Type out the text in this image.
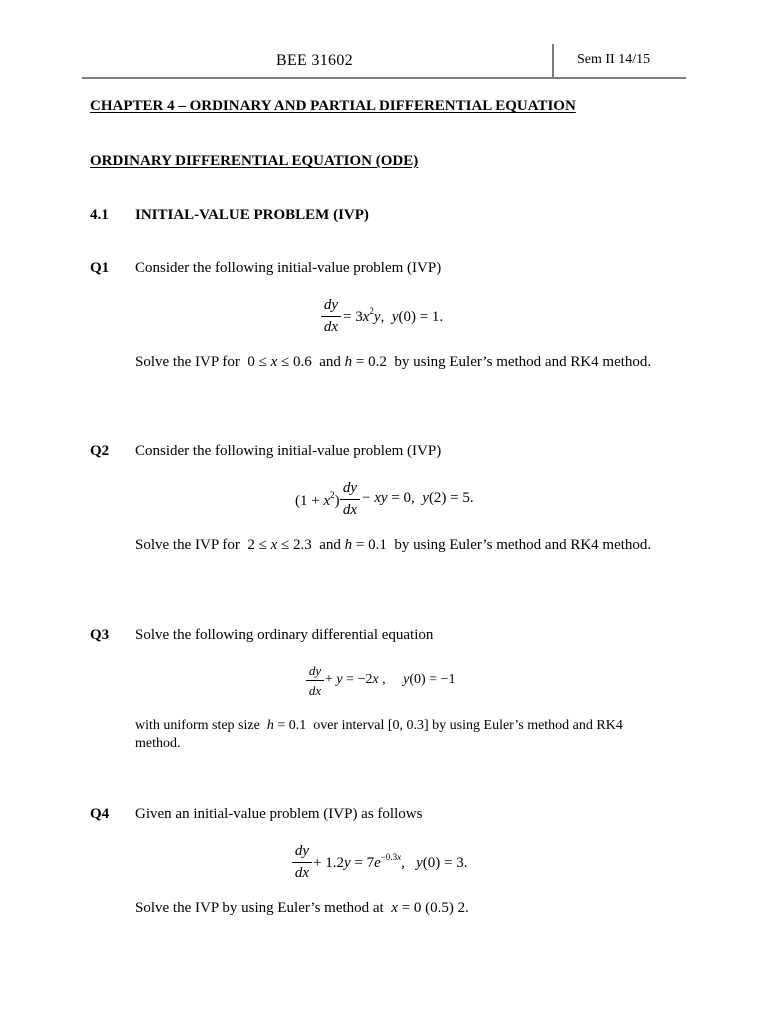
BEE 31602	Sem II 14/15
CHAPTER 4 – ORDINARY AND PARTIAL DIFFERENTIAL EQUATION
ORDINARY DIFFERENTIAL EQUATION (ODE)
4.1 INITIAL-VALUE PROBLEM (IVP)
Q1 Consider the following initial-value problem (IVP)
dy
dx
= $3x^2y$,  y(0) = 1.
Solve the IVP for  0 ≤ x ≤ 0.6  and h = 0.2  by using Euler’s method and RK4 method.
Q2 Consider the following initial-value problem (IVP)
$(1 + x^2)$
dy
dx
− xy = 0,  y(2) = 5.
Solve the IVP for  2 ≤ x ≤ 2.3  and h = 0.1  by using Euler’s method and RK4 method.
Q3 Solve the following ordinary differential equation
dy
dx
+ y = −2x ,     y(0) = −1
with uniform step size h = 0.1  over interval [0, 0.3] by using Euler’s method and RK4
method.
Q4 Given an initial-value problem (IVP) as follows
dy
dx
+ $1.2y = 7e^{-0.3x}$,   y(0) = 3.
Solve the IVP by using Euler’s method at x = 0 (0.5) 2.
